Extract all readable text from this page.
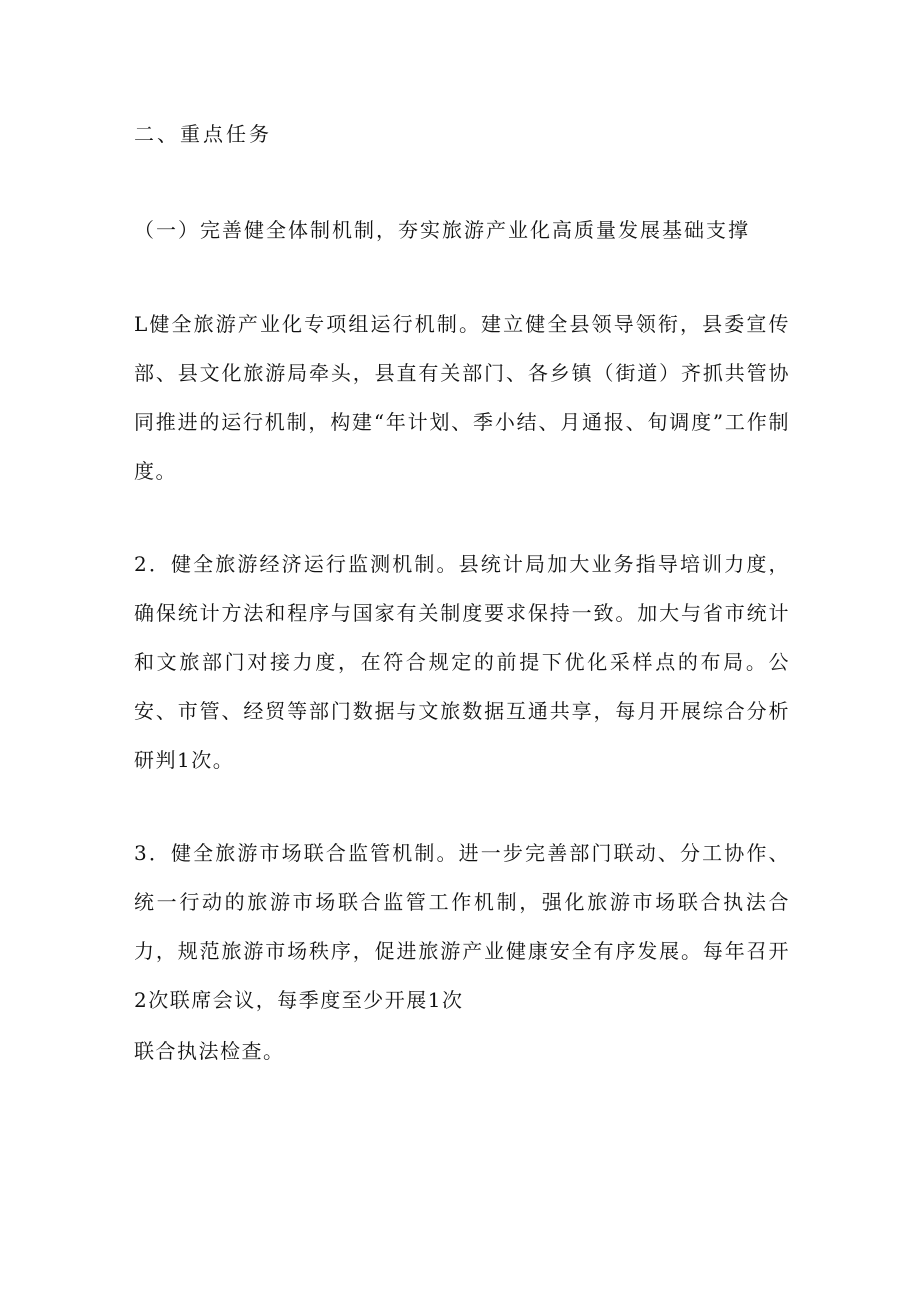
二、重点任务
（一）完善健全体制机制，夯实旅游产业化高质量发展基础支撑
L健全旅游产业化专项组运行机制。建立健全县领导领衔，县委宣传部、县文化旅游局牵头，县直有关部门、各乡镇（街道）齐抓共管协同推进的运行机制，构建“年计划、季小结、月通报、旬调度”工作制度。
2．健全旅游经济运行监测机制。县统计局加大业务指导培训力度，确保统计方法和程序与国家有关制度要求保持一致。加大与省市统计和文旅部门对接力度，在符合规定的前提下优化采样点的布局。公安、市管、经贸等部门数据与文旅数据互通共享，每月开展综合分析研判1次。
3．健全旅游市场联合监管机制。进一步完善部门联动、分工协作、统一行动的旅游市场联合监管工作机制，强化旅游市场联合执法合力，规范旅游市场秩序，促进旅游产业健康安全有序发展。每年召开2次联席会议，每季度至少开展1次
联合执法检查。
